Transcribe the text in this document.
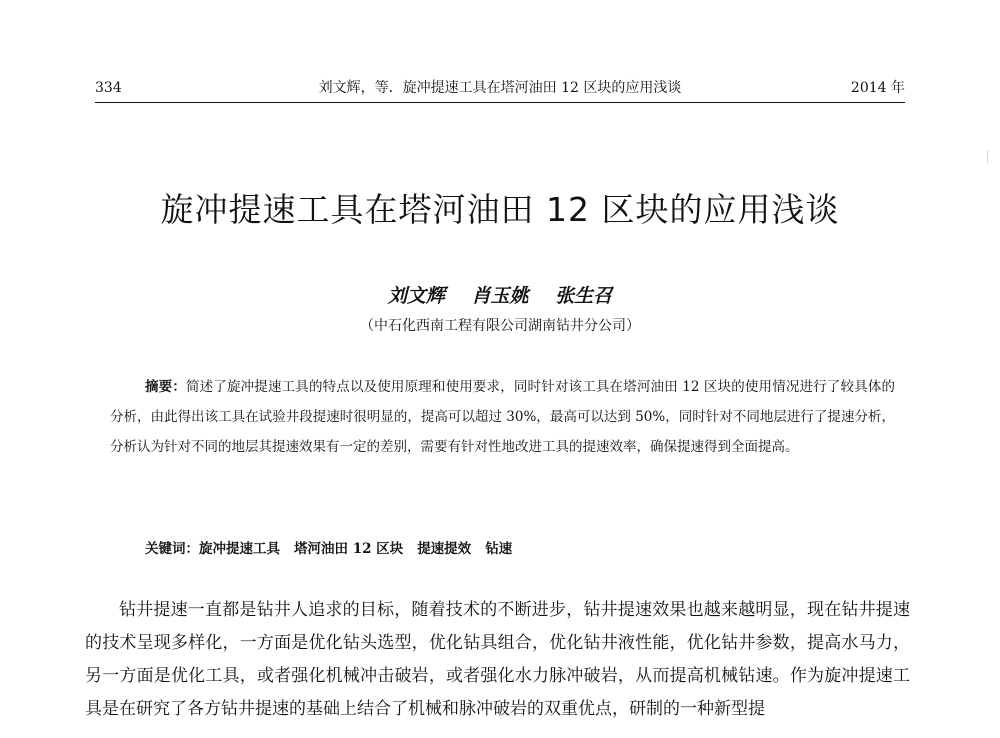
334	刘文辉，等．旋冲提速工具在塔河油田 12 区块的应用浅谈	2014 年
旋冲提速工具在塔河油田 12 区块的应用浅谈
刘文辉 肖玉姚 张生召
（中石化西南工程有限公司湖南钻井分公司）

摘要：简述了旋冲提速工具的特点以及使用原理和使用要求，同时针对该工具在塔河油田 12 区块的使用情况进行了较具体的分析，由此得出该工具在试验井段提速时很明显的，提高可以超过 30%，最高可以达到 50%，同时针对不同地层进行了提速分析，分析认为针对不同的地层其提速效果有一定的差别，需要有针对性地改进工具的提速效率，确保提速得到全面提高。

关键词：旋冲提速工具 塔河油田 12 区块 提速提效 钻速

钻井提速一直都是钻井人追求的目标，随着技术的不断进步，钻井提速效果也越来越明显，现在钻井提速的技术呈现多样化，一方面是优化钻头选型，优化钻具组合，优化钻井液性能，优化钻井参数，提高水马力，另一方面是优化工具，或者强化机械冲击破岩，或者强化水力脉冲破岩，从而提高机械钻速。作为旋冲提速工具是在研究了各方钻井提速的基础上结合了机械和脉冲破岩的双重优点，研制的一种新型提
